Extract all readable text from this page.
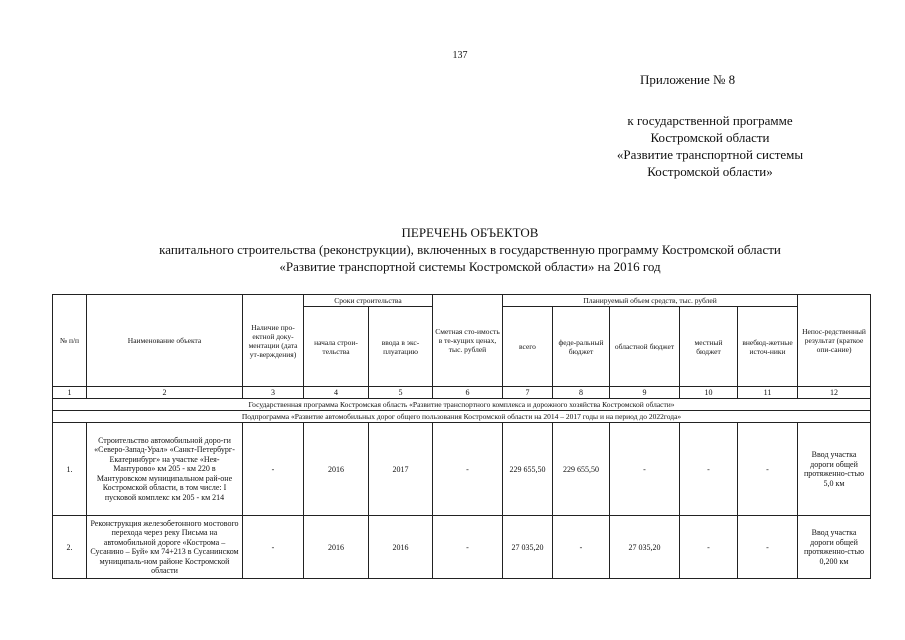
137
Приложение № 8
к государственной программе
Костромской области
«Развитие транспортной системы
Костромской области»
ПЕРЕЧЕНЬ ОБЪЕКТОВ
капитального строительства (реконструкции), включенных в государственную программу Костромской области
«Развитие транспортной системы Костромской области» на 2016 год
№ п/п	Наименование объекта	Наличие про-ектной доку-ментации (дата ут-верждения)	Сроки строительства		Сметная сто-имость в те-кущих ценах, тыс. рублей	Планируемый объем средств, тыс. рублей					Непос-редственный результат (краткое опи-сание)
			начала строи-тельства	ввода в экс-плуатацию		всего	феде-ральный бюджет	областной бюджет	местный бюджет	внебюд-жетные источ-ники	
1	2	3	4	5	6	7	8	9	10	11	12
Государственная программа Костромская область «Развитие транспортного комплекса и дорожного хозяйства Костромской области»											
Подпрограмма «Развитие автомобильных дорог общего пользования Костромской области на 2014 – 2017 годы и на период до 2022года»											
1.	Строительство автомобильной доро-ги «Северо-Запад-Урал» «Санкт-Петербург-Екатеринбург» на участке «Нея-Мантурово» км 205 - км 220 в Мантуровском муниципальном рай-оне Костромской области, в том числе: I пусковой комплекс км 205 - км 214	-	2016	2017	-	229 655,50	229 655,50	-	-	-	Ввод участка дороги общей протяженно-стью 5,0 км
2.	Реконструкция железобетонного мостового перехода через реку Письма на автомобильной дороге «Кострома – Сусанино – Буй» км 74+213 в Сусанинском муниципаль-ном районе Костромской области	-	2016	2016	-	27 035,20	-	27 035,20	-	-	Ввод участка дороги общей протяженно-стью 0,200 км
